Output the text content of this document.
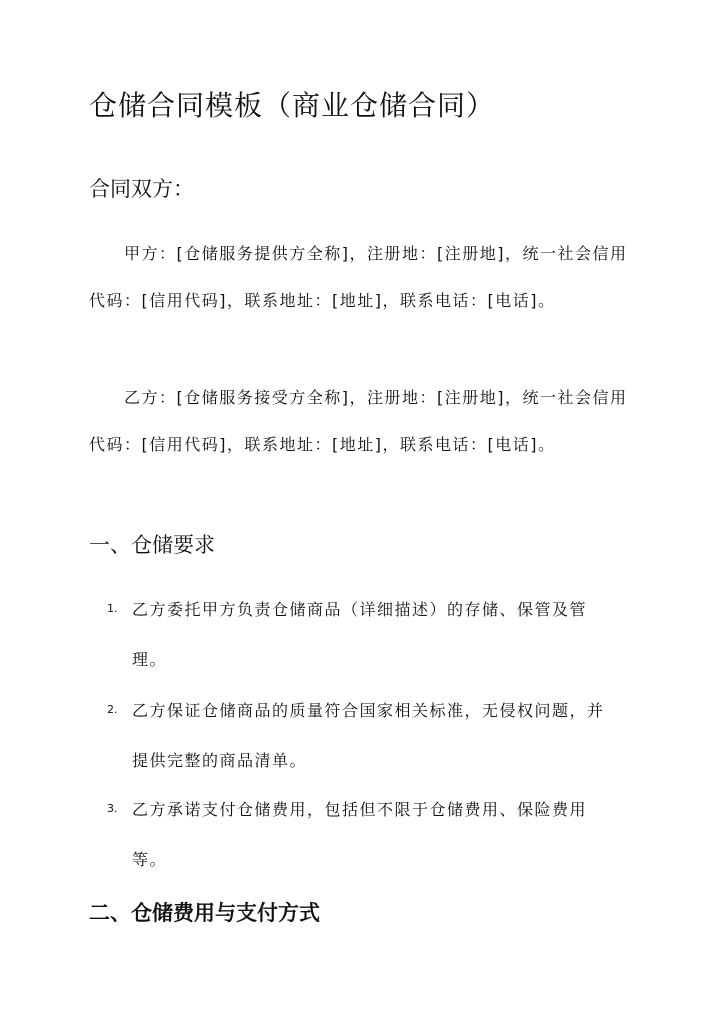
仓储合同模板（商业仓储合同）
合同双方：

甲方：[仓储服务提供方全称]，注册地：[注册地]，统一社会信用代码：[信用代码]，联系地址：[地址]，联系电话：[电话]。

乙方：[仓储服务接受方全称]，注册地：[注册地]，统一社会信用代码：[信用代码]，联系地址：[地址]，联系电话：[电话]。

一、仓储要求
1. 乙方委托甲方负责仓储商品（详细描述）的存储、保管及管理。

2. 乙方保证仓储商品的质量符合国家相关标准，无侵权问题，并提供完整的商品清单。

3. 乙方承诺支付仓储费用，包括但不限于仓储费用、保险费用等。

二、仓储费用与支付方式
